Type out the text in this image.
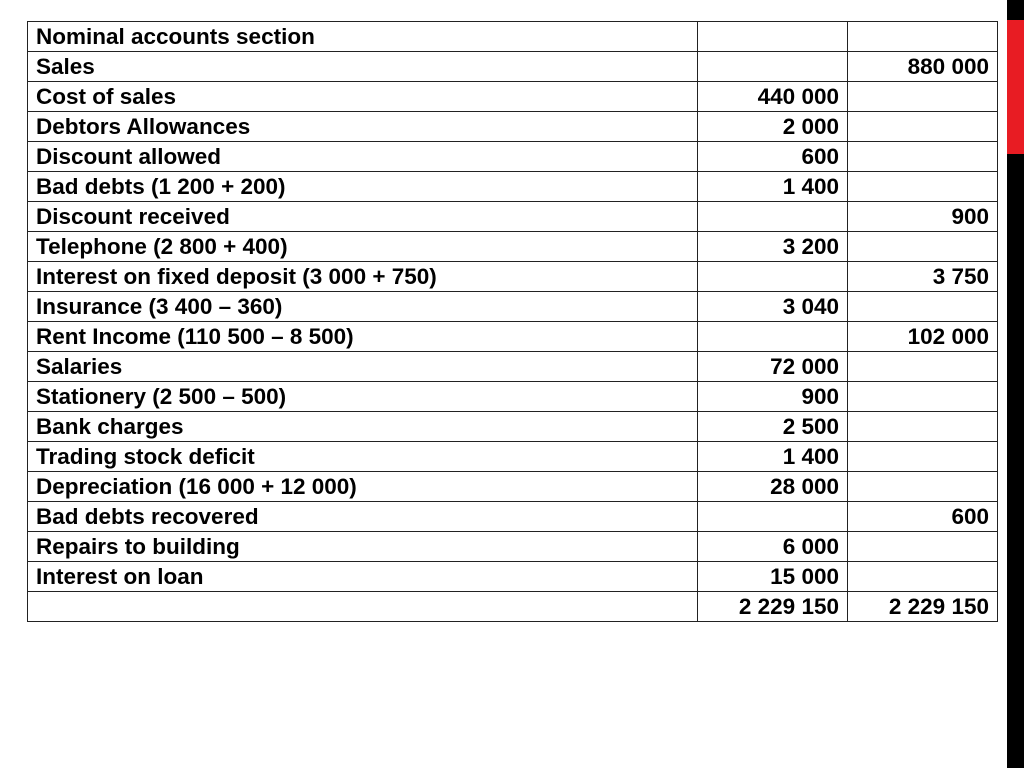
Nominal accounts section		
Sales		880 000
Cost of sales	440 000	
Debtors Allowances	2 000	
Discount allowed	600	
Bad debts (1 200 + 200)	1 400	
Discount received		900
Telephone (2 800 + 400)	3 200	
Interest on fixed deposit (3 000 + 750)		3 750
Insurance (3 400 – 360)	3 040	
Rent Income (110 500 – 8 500)		102 000
Salaries	72 000	
Stationery (2 500 – 500)	900	
Bank charges	2 500	
Trading stock deficit	1 400	
Depreciation (16 000 + 12 000)	28 000	
Bad debts recovered		600
Repairs to building	6 000	
Interest on loan	15 000	
	2 229 150	2 229 150
